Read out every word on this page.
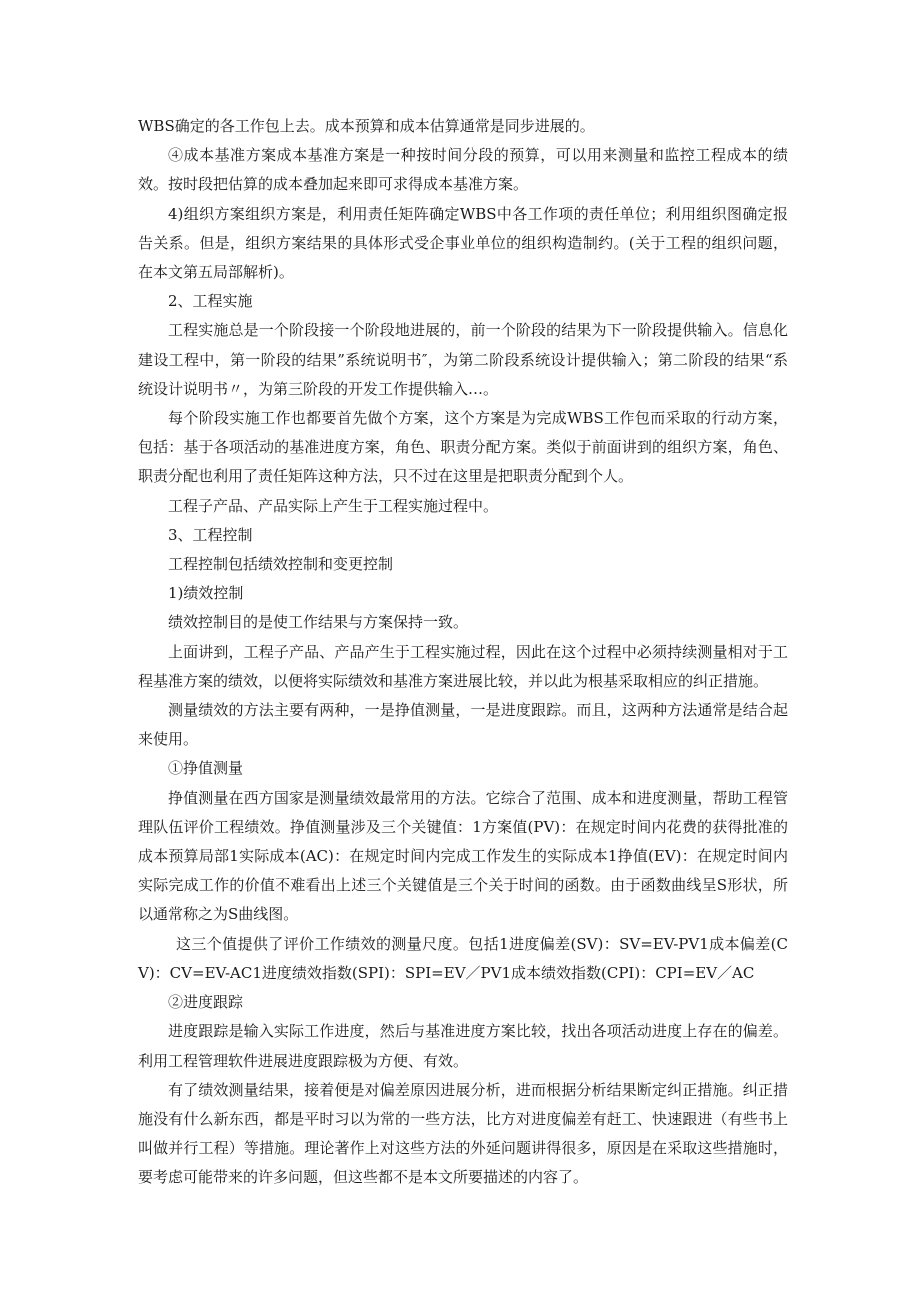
WBS确定的各工作包上去。成本预算和成本估算通常是同步进展的。

④成本基准方案成本基准方案是一种按时间分段的预算，可以用来测量和监控工程成本的绩效。按时段把估算的成本叠加起来即可求得成本基准方案。

4)组织方案组织方案是，利用责任矩阵确定WBS中各工作项的责任单位；利用组织图确定报告关系。但是，组织方案结果的具体形式受企事业单位的组织构造制约。(关于工程的组织问题，在本文第五局部解析)。

2、工程实施

工程实施总是一个阶段接一个阶段地进展的，前一个阶段的结果为下一阶段提供输入。信息化建设工程中，第一阶段的结果”系统说明书″，为第二阶段系统设计提供输入；第二阶段的结果“系统设计说明书〃，为第三阶段的开发工作提供输入…。

每个阶段实施工作也都要首先做个方案，这个方案是为完成WBS工作包而采取的行动方案，包括：基于各项活动的基准进度方案，角色、职责分配方案。类似于前面讲到的组织方案，角色、职责分配也利用了责任矩阵这种方法，只不过在这里是把职责分配到个人。

工程子产品、产品实际上产生于工程实施过程中。

3、工程控制

工程控制包括绩效控制和变更控制

1)绩效控制

绩效控制目的是使工作结果与方案保持一致。

上面讲到，工程子产品、产品产生于工程实施过程，因此在这个过程中必须持续测量相对于工程基准方案的绩效，以便将实际绩效和基准方案进展比较，并以此为根基采取相应的纠正措施。

测量绩效的方法主要有两种，一是挣值测量，一是进度跟踪。而且，这两种方法通常是结合起来使用。

①挣值测量

挣值测量在西方国家是测量绩效最常用的方法。它综合了范围、成本和进度测量，帮助工程管理队伍评价工程绩效。挣值测量涉及三个关键值：1方案值(PV)：在规定时间内花费的获得批准的成本预算局部1实际成本(AC)：在规定时间内完成工作发生的实际成本1挣值(EV)：在规定时间内实际完成工作的价值不难看出上述三个关键值是三个关于时间的函数。由于函数曲线呈S形状，所以通常称之为S曲线图。

这三个值提供了评价工作绩效的测量尺度。包括1进度偏差(SV)：SV=EV-PV1成本偏差(CV)：CV=EV-AC1进度绩效指数(SPI)：SPI=EV／PV1成本绩效指数(CPI)：CPI=EV／AC

②进度跟踪

进度跟踪是输入实际工作进度，然后与基准进度方案比较，找出各项活动进度上存在的偏差。利用工程管理软件进展进度跟踪极为方便、有效。

有了绩效测量结果，接着便是对偏差原因进展分析，进而根据分析结果断定纠正措施。纠正措施没有什么新东西，都是平时习以为常的一些方法，比方对进度偏差有赶工、快速跟进（有些书上叫做并行工程）等措施。理论著作上对这些方法的外延问题讲得很多，原因是在采取这些措施时，要考虑可能带来的许多问题，但这些都不是本文所要描述的内容了。
